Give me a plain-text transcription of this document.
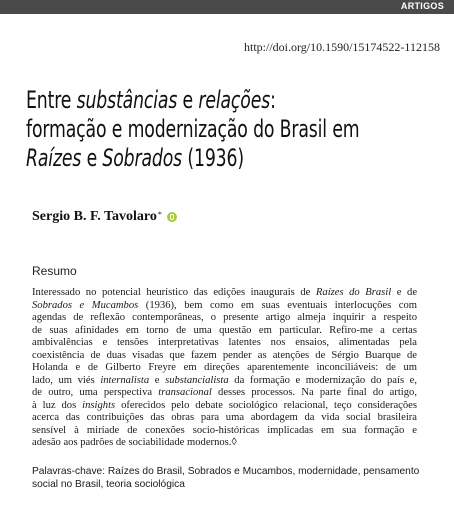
ARTIGOS
http://doi.org/10.1590/15174522-112158
Entre substâncias e relações:
formação e modernização do Brasil em
Raízes e Sobrados (1936)
Sergio B. F. Tavolaro*
Resumo
Interessado no potencial heurístico das edições inaugurais de Raízes do Brasil e de
Sobrados e Mucambos (1936), bem como em suas eventuais interlocuções com
agendas de reflexão contemporâneas, o presente artigo almeja inquirir a respeito
de suas afinidades em torno de uma questão em particular. Refiro-me a certas
ambivalências e tensões interpretativas latentes nos ensaios, alimentadas pela
coexistência de duas visadas que fazem pender as atenções de Sérgio Buarque de
Holanda e de Gilberto Freyre em direções aparentemente inconciliáveis: de um
lado, um viés internalista e substancialista da formação e modernização do país e,
de outro, uma perspectiva transacional desses processos. Na parte final do artigo,
à luz dos insights oferecidos pelo debate sociológico relacional, teço considerações
acerca das contribuições das obras para uma abordagem da vida social brasileira
sensível à miríade de conexões socio-históricas implicadas em sua formação e
adesão aos padrões de sociabilidade modernos.◊
Palavras-chave: Raízes do Brasil, Sobrados e Mucambos, modernidade, pensamento
social no Brasil, teoria sociológica
